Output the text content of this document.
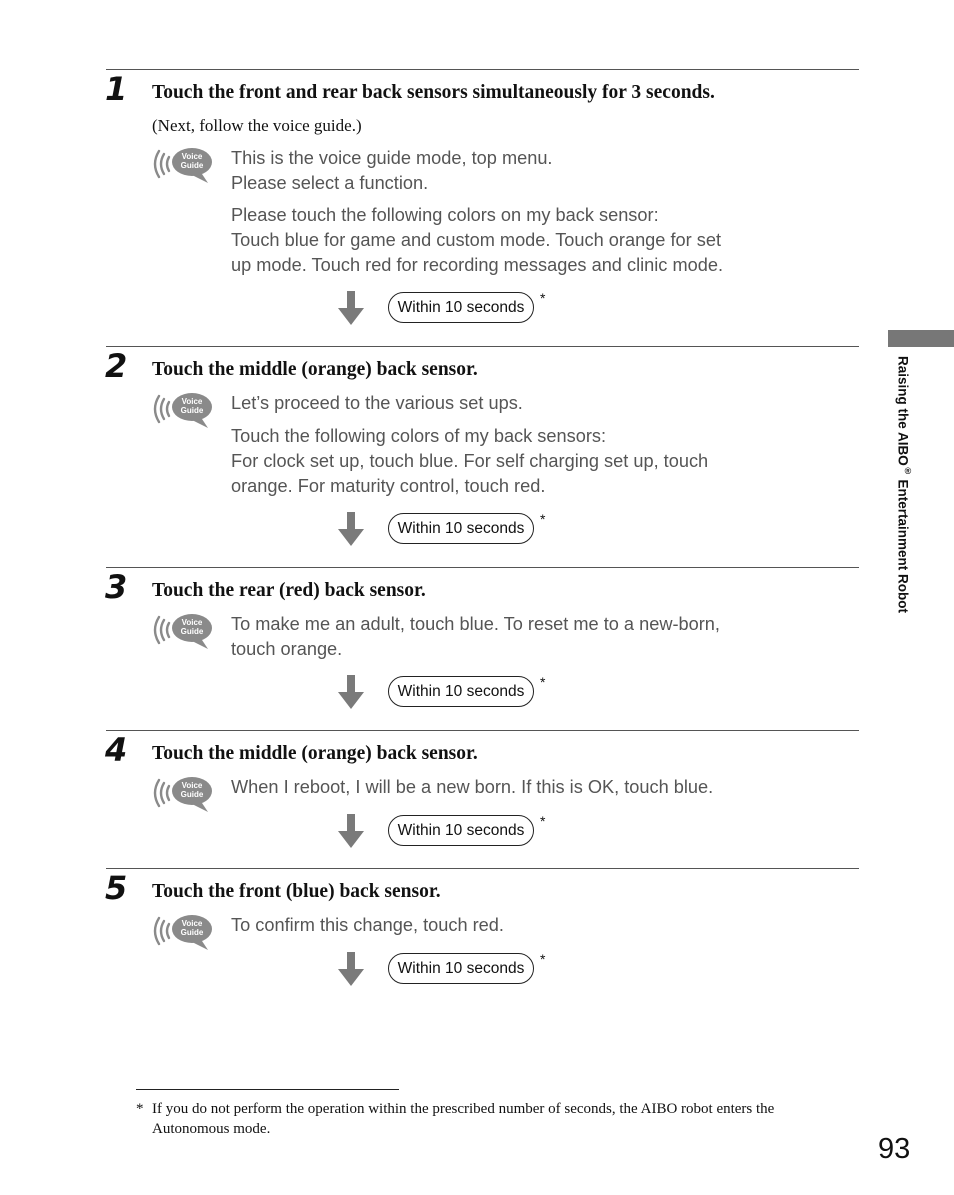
1 Touch the front and rear back sensors simultaneously for 3 seconds.
(Next, follow the voice guide.)
Voice
Guide This is the voice guide mode, top menu.
Please select a function.

Please touch the following colors on my back sensor:
Touch blue for game and custom mode. Touch orange for set
up mode. Touch red for recording messages and clinic mode.

Within 10 seconds
*
2 Touch the middle (orange) back sensor.
Voice
Guide Let’s proceed to the various set ups.

Touch the following colors of my back sensors:
For clock set up, touch blue. For self charging set up, touch
orange. For maturity control, touch red.

Within 10 seconds
*
3 Touch the rear (red) back sensor.
Voice
Guide To make me an adult, touch blue. To reset me to a new-born,
touch orange.

Within 10 seconds
*
4 Touch the middle (orange) back sensor.
Voice
Guide When I reboot, I will be a new born. If this is OK, touch blue.

Within 10 seconds
*
5 Touch the front (blue) back sensor.
Voice
Guide To confirm this change, touch red.

Within 10 seconds
*
Raising the AIBO® Entertainment Robot
* If you do not perform the operation within the prescribed number of seconds, the AIBO robot enters the Autonomous mode.
93
